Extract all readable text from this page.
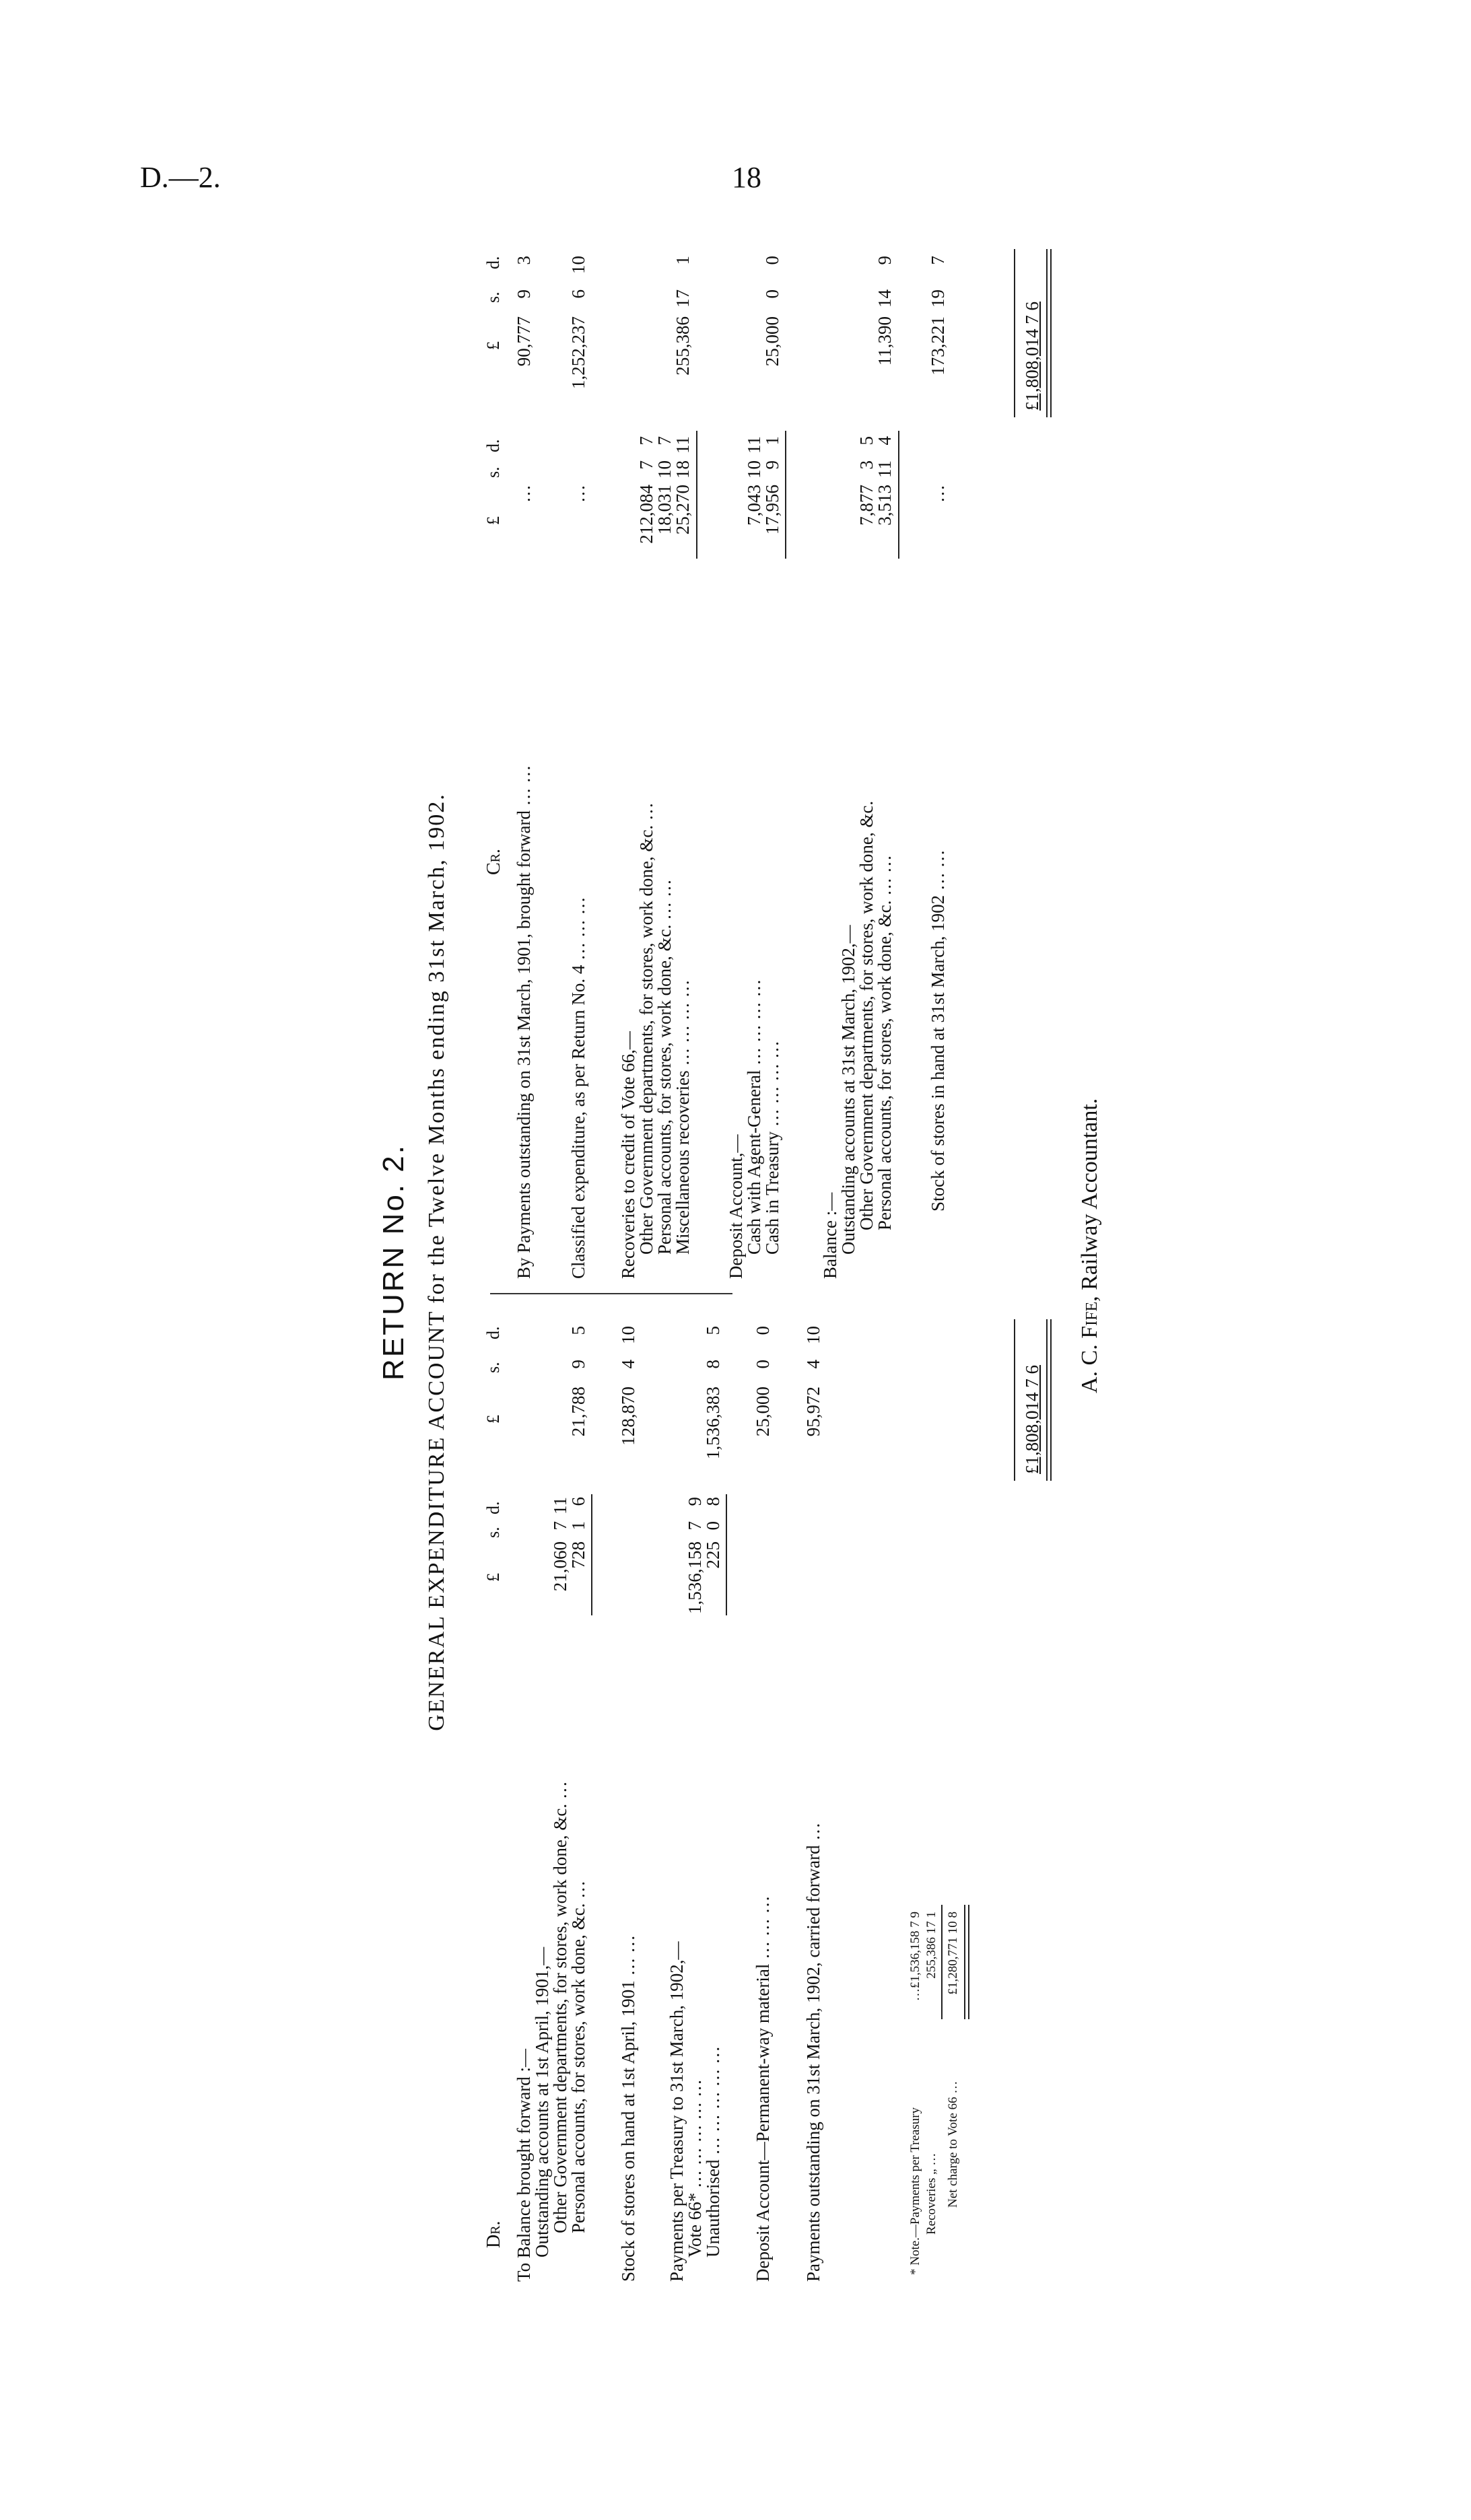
D.—2.	18
RETURN No. 2. GENERAL EXPENDITURE ACCOUNT for the Twelve Months ending 31st March, 1902.
Dr.
£
s.
d.
£
s.
d.
To Balance brought forward :—
Outstanding accounts at 1st April, 1901,—
Other Government departments, for stores, work done, &c. …
21,060
7
11
Personal accounts, for stores, work done, &c. …
728
1
6
21,788
9
5
Stock of stores on hand at 1st April, 1901 … …
128,870
4
10
Payments per Treasury to 31st March, 1902,—
Vote 66* … … … … …
1,536,158
7
9
Unauthorised … … … … …
225
0
8
1,536,383
8
5
Deposit Account—Permanent-way material … … …
25,000
0
0
Payments outstanding on 31st March, 1902, carried forward …
95,972
4
10
£1,808,014 7 6
* Note.—Payments per Treasury
…£1,536,158 7 9
Recoveries „ …
255,386 17 1
Net charge to Vote 66 …
£1,280,771 10 8
Cr.
£
s.
d.
£
s.
d.
By Payments outstanding on 31st March, 1901, brought forward … …
…
90,777
9
3
Classified expenditure, as per Return No. 4 … … …
…
1,252,237
6
10
Recoveries to credit of Vote 66,—
Other Government departments, for stores, work done, &c. …
212,084
7
7
Personal accounts, for stores, work done, &c. … …
18,031
10
7
Miscellaneous recoveries … … … …
25,270
18
11
255,386
17
1
Deposit Account,—
Cash with Agent-General … … … …
7,043
10
11
Cash in Treasury … … … …
17,956
9
1
25,000
0
0
Balance :—
Outstanding accounts at 31st March, 1902,—
Other Government departments, for stores, work done, &c.
7,877
3
5
Personal accounts, for stores, work done, &c. … …
3,513
11
4
11,390
14
9
Stock of stores in hand at 31st March, 1902 … …
…
173,221
19
7
£1,808,014 7 6
A. C. Fife, Railway Accountant.
